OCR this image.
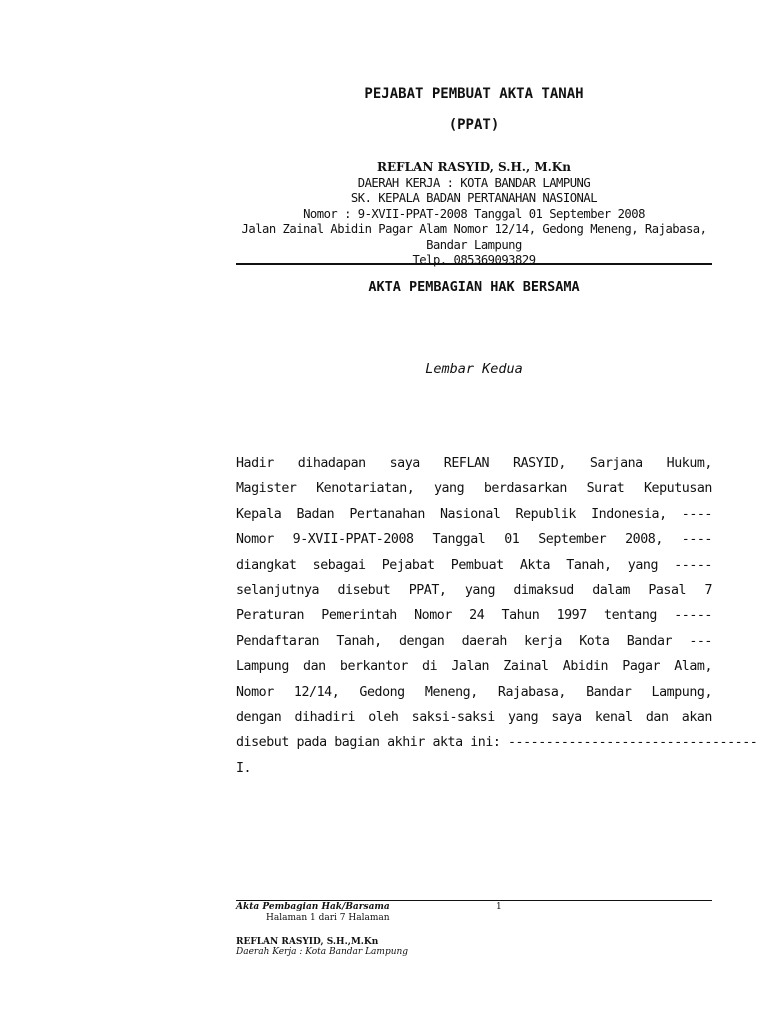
PEJABAT PEMBUAT AKTA TANAH
(PPAT)
REFLAN RASYID, S.H., M.Kn
DAERAH KERJA : KOTA BANDAR LAMPUNG
SK. KEPALA BADAN PERTANAHAN NASIONAL
Nomor : 9-XVII-PPAT-2008 Tanggal 01 September 2008
Jalan Zainal Abidin Pagar Alam Nomor 12/14, Gedong Meneng, Rajabasa,
Bandar Lampung
Telp. 085369093829
AKTA PEMBAGIAN HAK BERSAMA
Lembar Kedua
Hadir dihadapan saya REFLAN RASYID, Sarjana Hukum,
Magister Kenotariatan, yang berdasarkan Surat Keputusan
Kepala Badan Pertanahan Nasional Republik Indonesia, ----
Nomor 9-XVII-PPAT-2008 Tanggal 01 September 2008, ----
diangkat sebagai Pejabat Pembuat Akta Tanah, yang -----
selanjutnya disebut PPAT, yang dimaksud dalam Pasal 7
Peraturan Pemerintah Nomor 24 Tahun 1997 tentang -----
Pendaftaran Tanah, dengan daerah kerja Kota Bandar ---
Lampung dan berkantor di Jalan Zainal Abidin Pagar Alam,
Nomor 12/14, Gedong Meneng, Rajabasa, Bandar Lampung,
dengan dihadiri oleh saksi-saksi yang saya kenal dan akan
disebut pada bagian akhir akta ini: ---------------------------------
I.
Akta Pembagian Hak/Barsama	1
Halaman 1 dari 7 Halaman
REFLAN RASYID, S.H.,M.Kn
Daerah Kerja : Kota Bandar Lampung
